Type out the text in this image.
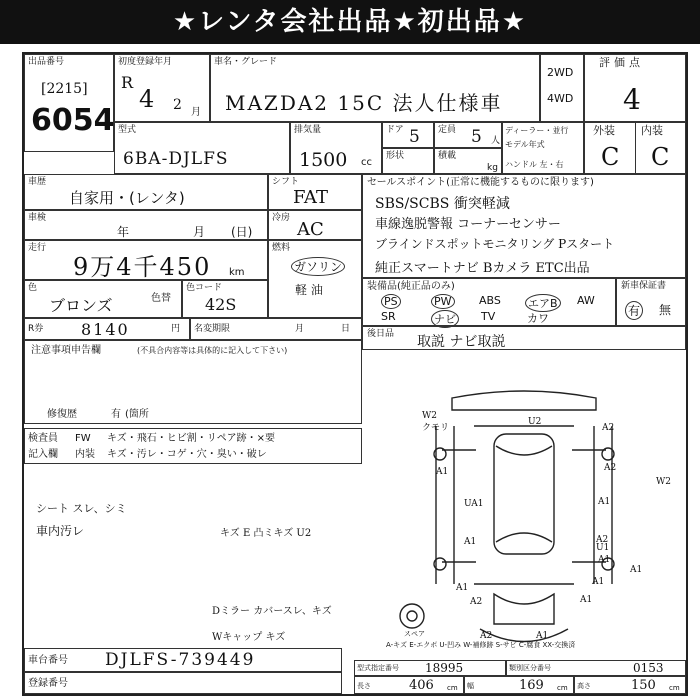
★レンタ会社出品★初出品★
出品番号
[2215]
6054
初度登録年月
R
4 2 月
車名・グレード
MAZDA2 15C 法人仕様車
2WD
4WD
評価点
4
外装 内装
C C
型式
6BA-DJLFS
排気量
1500 cc
ドア 5 定員 5 人
ディーラー・並行
モデル年式
ハンドル 左・右
形状	積載
kg
車歴
自家用・(レンタ)
車検
年	月 (日)
走行
9万4千450 km
色
ブロンズ	色替
色コード
42S
シフト
FAT
冷房
AC
燃料
ガソリン
軽 油
R券 8140	円 名変期限	月	日
セールスポイント(正常に機能するものに限ります)
SBS/SCBS 衝突軽減
車線逸脱警報 コーナーセンサー
ブラインドスポットモニタリング Pスタート
純正スマートナビ Bカメラ ETC出品
装備品(純正品のみ)
PS	PW ABS エアB AW
SR	ナビ TV	カワ
新車保証書
有 無
後日品 取説 ナビ取説
注意事項申告欄	(不具合内容等は具体的に記入して下さい)
修復歴	有 (箇所
検査員
記入欄
FW キズ・飛石・ヒビ割・リペア跡・×要
内装 キズ・汚レ・コゲ・穴・臭い・破レ
シート スレ、シミ
車内汚レ	キズ E 凸ミキズ U2
Dミラー カバースレ、キズ
Wキャップ キズ
W2
クモリ
U2
A2
A2
U1
W2
A1
UA1
A1	A2
A1
A1
A1
A1
A1
A2	A1
A2	A1
スペア
A-キズ E-エクボ U-凹み W-補修跡 S-サビ C-腐食 XX-交換済
車台番号 DJLFS-739449
登録番号
型式指定番号 18995	類別区分番号	0153
長さ	406 cm 幅	169 cm 高さ	150 cm
